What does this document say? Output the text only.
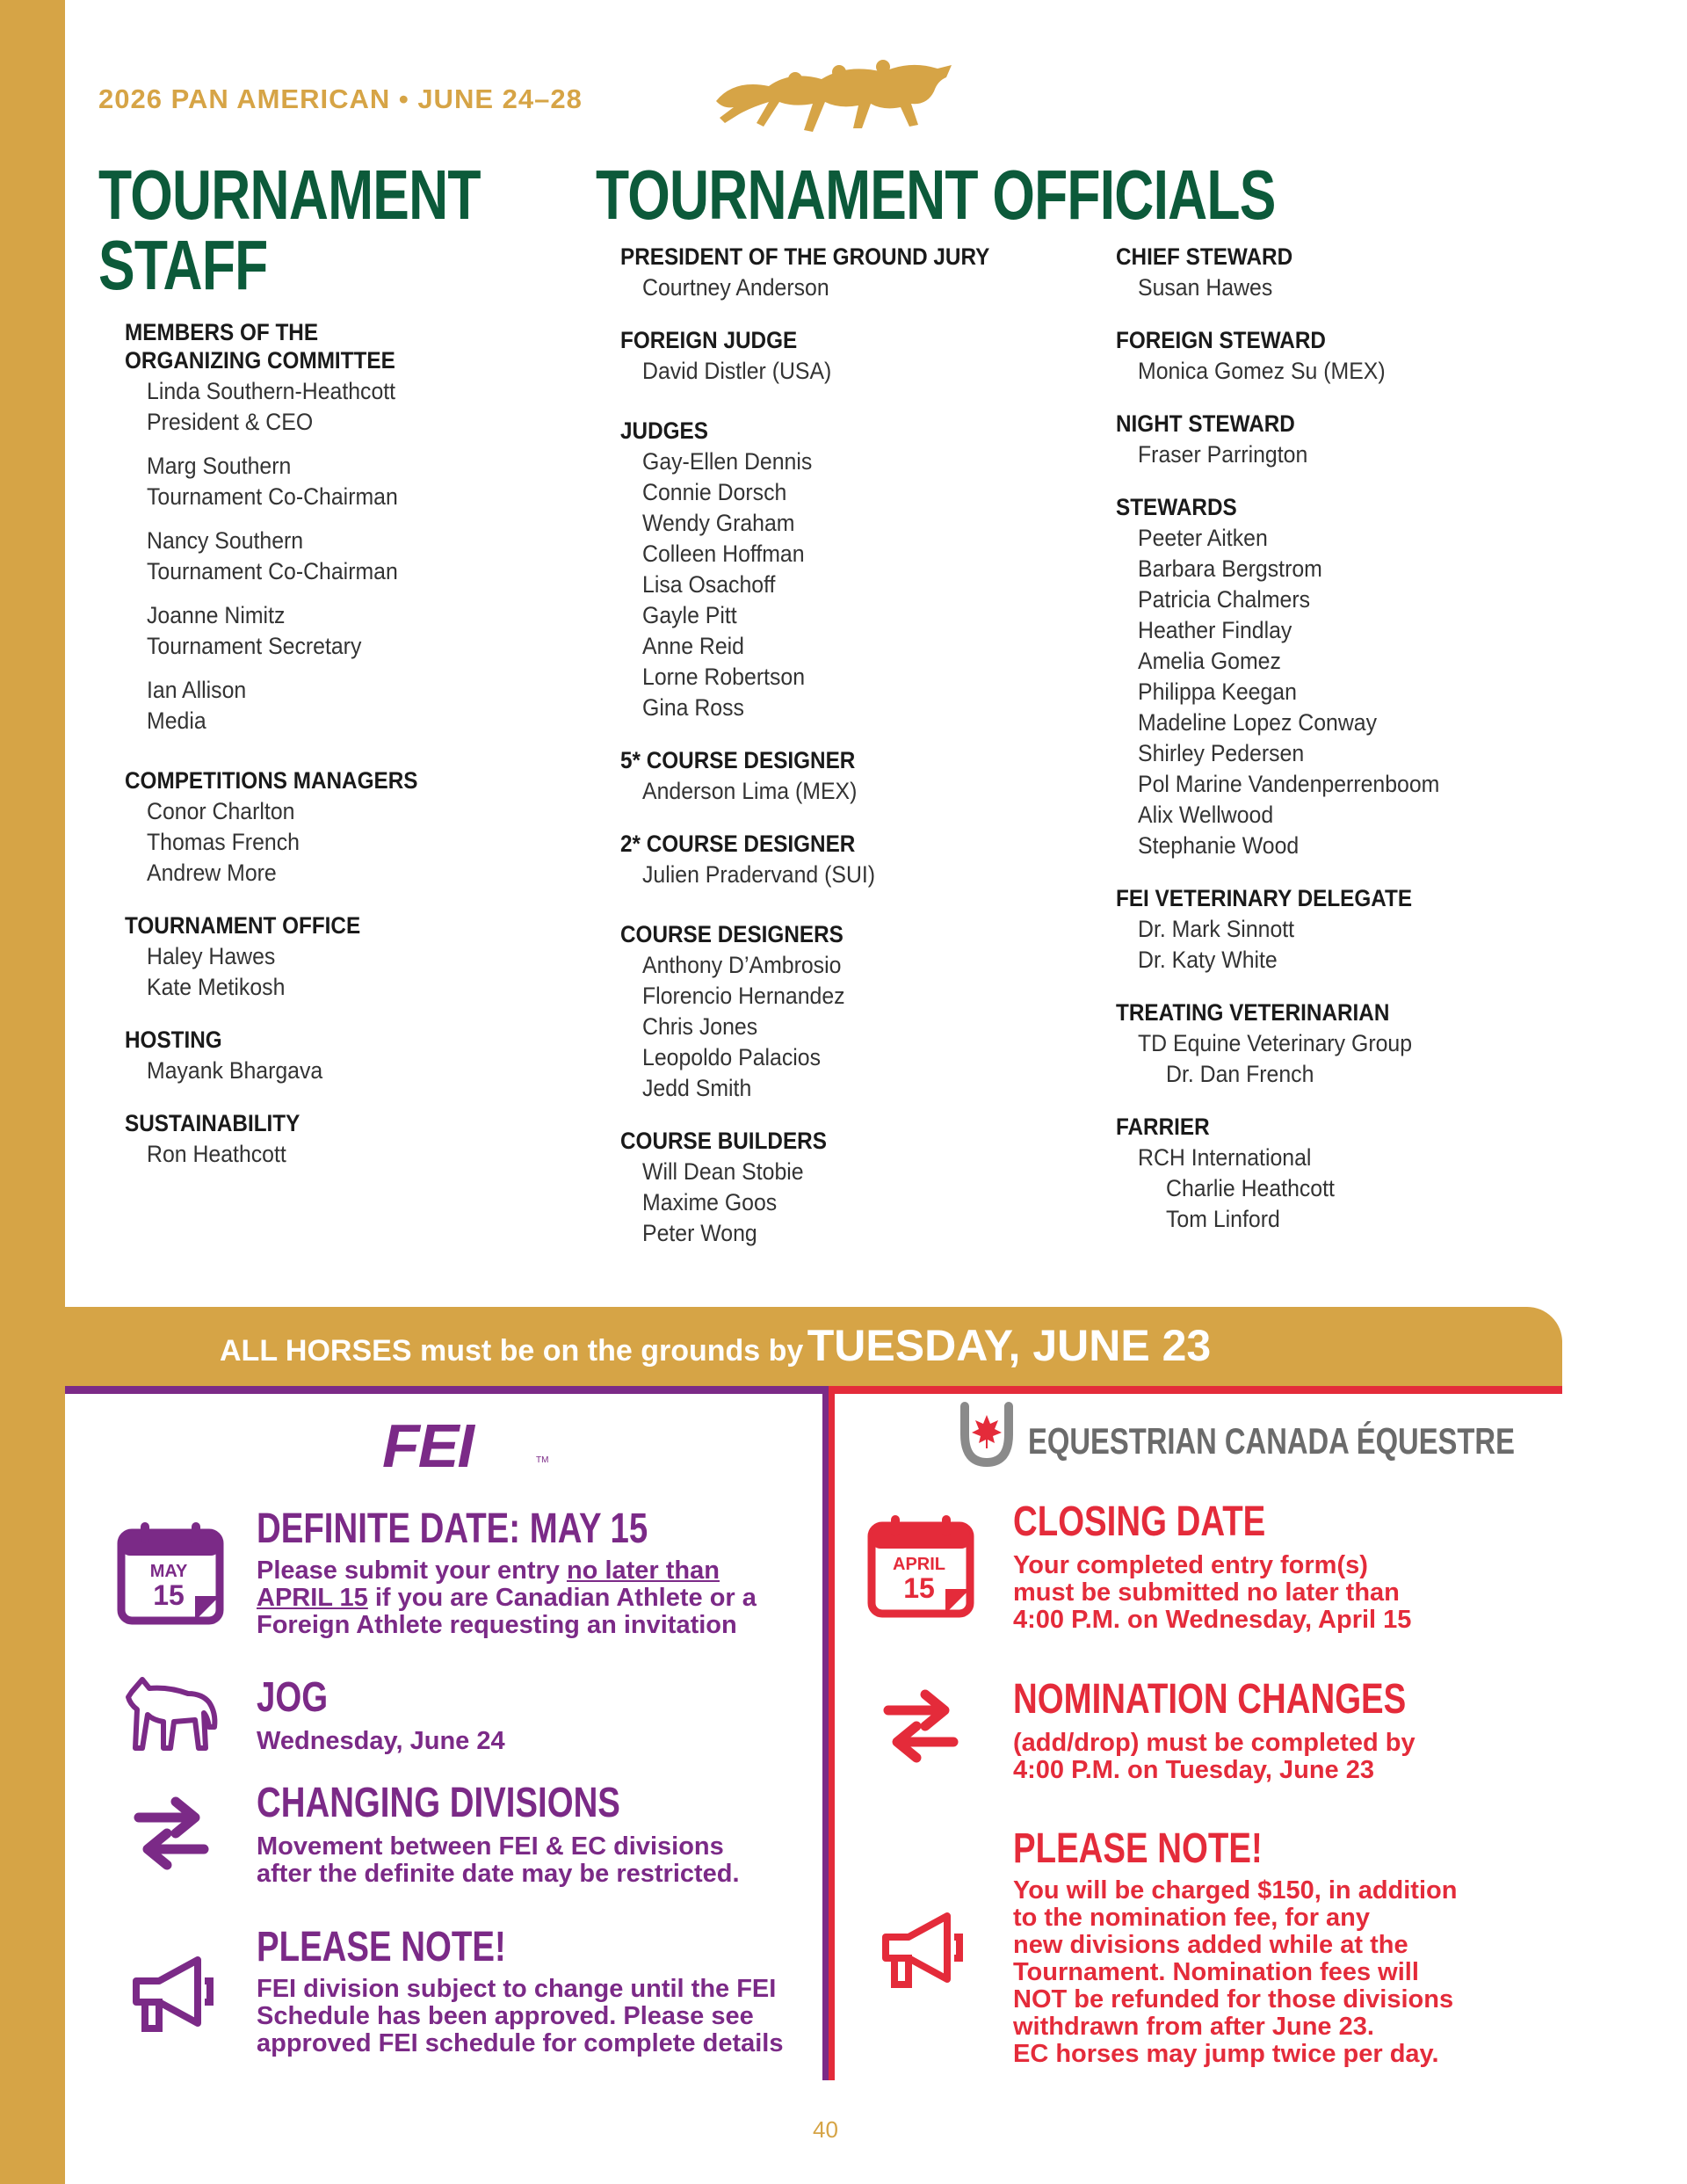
2026 PAN AMERICAN • JUNE 24–28
TOURNAMENT
STAFF
TOURNAMENT OFFICIALS
MEMBERS OF THE
ORGANIZING COMMITTEE
Linda Southern-Heathcott
President & CEO
Marg Southern
Tournament Co-Chairman
Nancy Southern
Tournament Co-Chairman
Joanne Nimitz
Tournament Secretary
Ian Allison
Media
COMPETITIONS MANAGERS
Conor Charlton
Thomas French
Andrew More
TOURNAMENT OFFICE
Haley Hawes
Kate Metikosh
HOSTING
Mayank Bhargava
SUSTAINABILITY
Ron Heathcott
PRESIDENT OF THE GROUND JURY
Courtney Anderson
FOREIGN JUDGE
David Distler (USA)
JUDGES
Gay-Ellen Dennis
Connie Dorsch
Wendy Graham
Colleen Hoffman
Lisa Osachoff
Gayle Pitt
Anne Reid
Lorne Robertson
Gina Ross
5* COURSE DESIGNER
Anderson Lima (MEX)
2* COURSE DESIGNER
Julien Pradervand (SUI)
COURSE DESIGNERS
Anthony D’Ambrosio
Florencio Hernandez
Chris Jones
Leopoldo Palacios
Jedd Smith
COURSE BUILDERS
Will Dean Stobie
Maxime Goos
Peter Wong
CHIEF STEWARD
Susan Hawes
FOREIGN STEWARD
Monica Gomez Su (MEX)
NIGHT STEWARD
Fraser Parrington
STEWARDS
Peeter Aitken
Barbara Bergstrom
Patricia Chalmers
Heather Findlay
Amelia Gomez
Philippa Keegan
Madeline Lopez Conway
Shirley Pedersen
Pol Marine Vandenperrenboom
Alix Wellwood
Stephanie Wood
FEI VETERINARY DELEGATE
Dr. Mark Sinnott
Dr. Katy White
TREATING VETERINARIAN
TD Equine Veterinary Group
Dr. Dan French
FARRIER
RCH International
Charlie Heathcott
Tom Linford
ALL HORSES must be on the grounds by TUESDAY, JUNE 23
FEI	TM
MAY
15
DEFINITE DATE: MAY 15
Please submit your entry no later than
APRIL 15 if you are Canadian Athlete or a
Foreign Athlete requesting an invitation
JOG
Wednesday, June 24
CHANGING DIVISIONS
Movement between FEI & EC divisions
after the definite date may be restricted.
PLEASE NOTE!
FEI division subject to change until the FEI
Schedule has been approved. Please see
approved FEI schedule for complete details
EQUESTRIAN CANADA ÉQUESTRE
APRIL
15
CLOSING DATE
Your completed entry form(s)
must be submitted no later than
4:00 P.M. on Wednesday, April 15
NOMINATION CHANGES
(add/drop) must be completed by
4:00 P.M. on Tuesday, June 23
PLEASE NOTE!
You will be charged $150, in addition
to the nomination fee, for any
new divisions added while at the
Tournament. Nomination fees will
NOT be refunded for those divisions
withdrawn from after June 23.
EC horses may jump twice per day.
40
